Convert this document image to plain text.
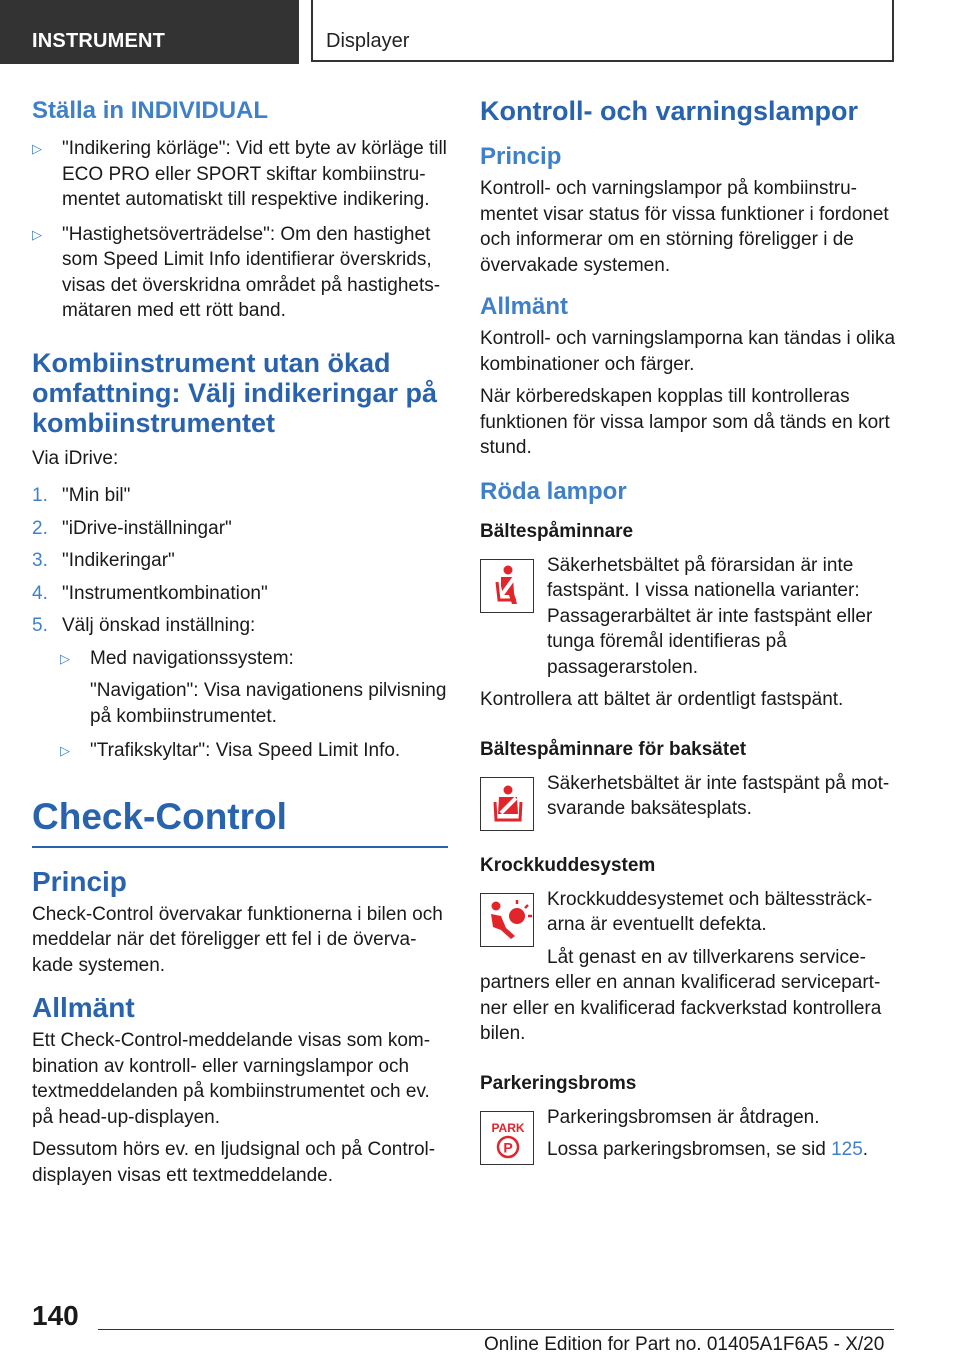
INSTRUMENT	Displayer
Ställa in INDIVIDUAL
▷ "Indikering körläge": Vid ett byte av körläge till ECO PRO eller SPORT skiftar kombiinstrumentet automatiskt till respektive indikering.
▷ "Hastighetsöverträdelse": Om den hastighet som Speed Limit Info identifierar överskrids, visas det överskridna området på hastighetsmätaren med ett rött band.
Kombiinstrument utan ökad omfattning: Välj indikeringar på kombiinstrumentet

Via iDrive:

1. "Min bil"
2. "iDrive-inställningar"
3. "Indikeringar"
4. "Instrumentkombination"
5. Välj önskad inställning:
▷ Med navigationssystem:
"Navigation": Visa navigationens pilvisning på kombiinstrumentet.
▷ "Trafikskyltar": Visa Speed Limit Info.
Check-Control
Princip

Check-Control övervakar funktionerna i bilen och meddelar när det föreligger ett fel i de övervakade systemen.

Allmänt

Ett Check-Control-meddelande visas som kombination av kontroll- eller varningslampor och textmeddelanden på kombiinstrumentet och ev. på head-up-displayen.

Dessutom hörs ev. en ljudsignal och på Control-displayen visas ett textmeddelande.

Kontroll- och varningslampor
Princip

Kontroll- och varningslampor på kombiinstrumentet visar status för vissa funktioner i fordonet och informerar om en störning föreligger i de övervakade systemen.

Allmänt

Kontroll- och varningslamporna kan tändas i olika kombinationer och färger.

När körberedskapen kopplas till kontrolleras funktionen för vissa lampor som då tänds en kort stund.

Röda lampor
Bältespåminnare
Säkerhetsbältet på förarsidan är inte fastspänt. I vissa nationella varianter: Passagerarbältet är inte fastspänt eller tunga föremål identifieras på passagerarstolen.

Kontrollera att bältet är ordentligt fastspänt.

Bältespåminnare för baksätet
Säkerhetsbältet är inte fastspänt på motsvarande baksätesplats.
Krockkuddesystem
Krockkuddesystemet och bältessträckarna är eventuellt defekta.
Låt genast en av tillverkarens servicepartners eller en annan kvalificerad servicepartner eller en kvalificerad fackverkstad kontrollera bilen.
Parkeringsbroms
PARK
P
Parkeringsbromsen är åtdragen.
Lossa parkeringsbromsen, se sid 125.
140
Online Edition for Part no. 01405A1F6A5 - X/20
